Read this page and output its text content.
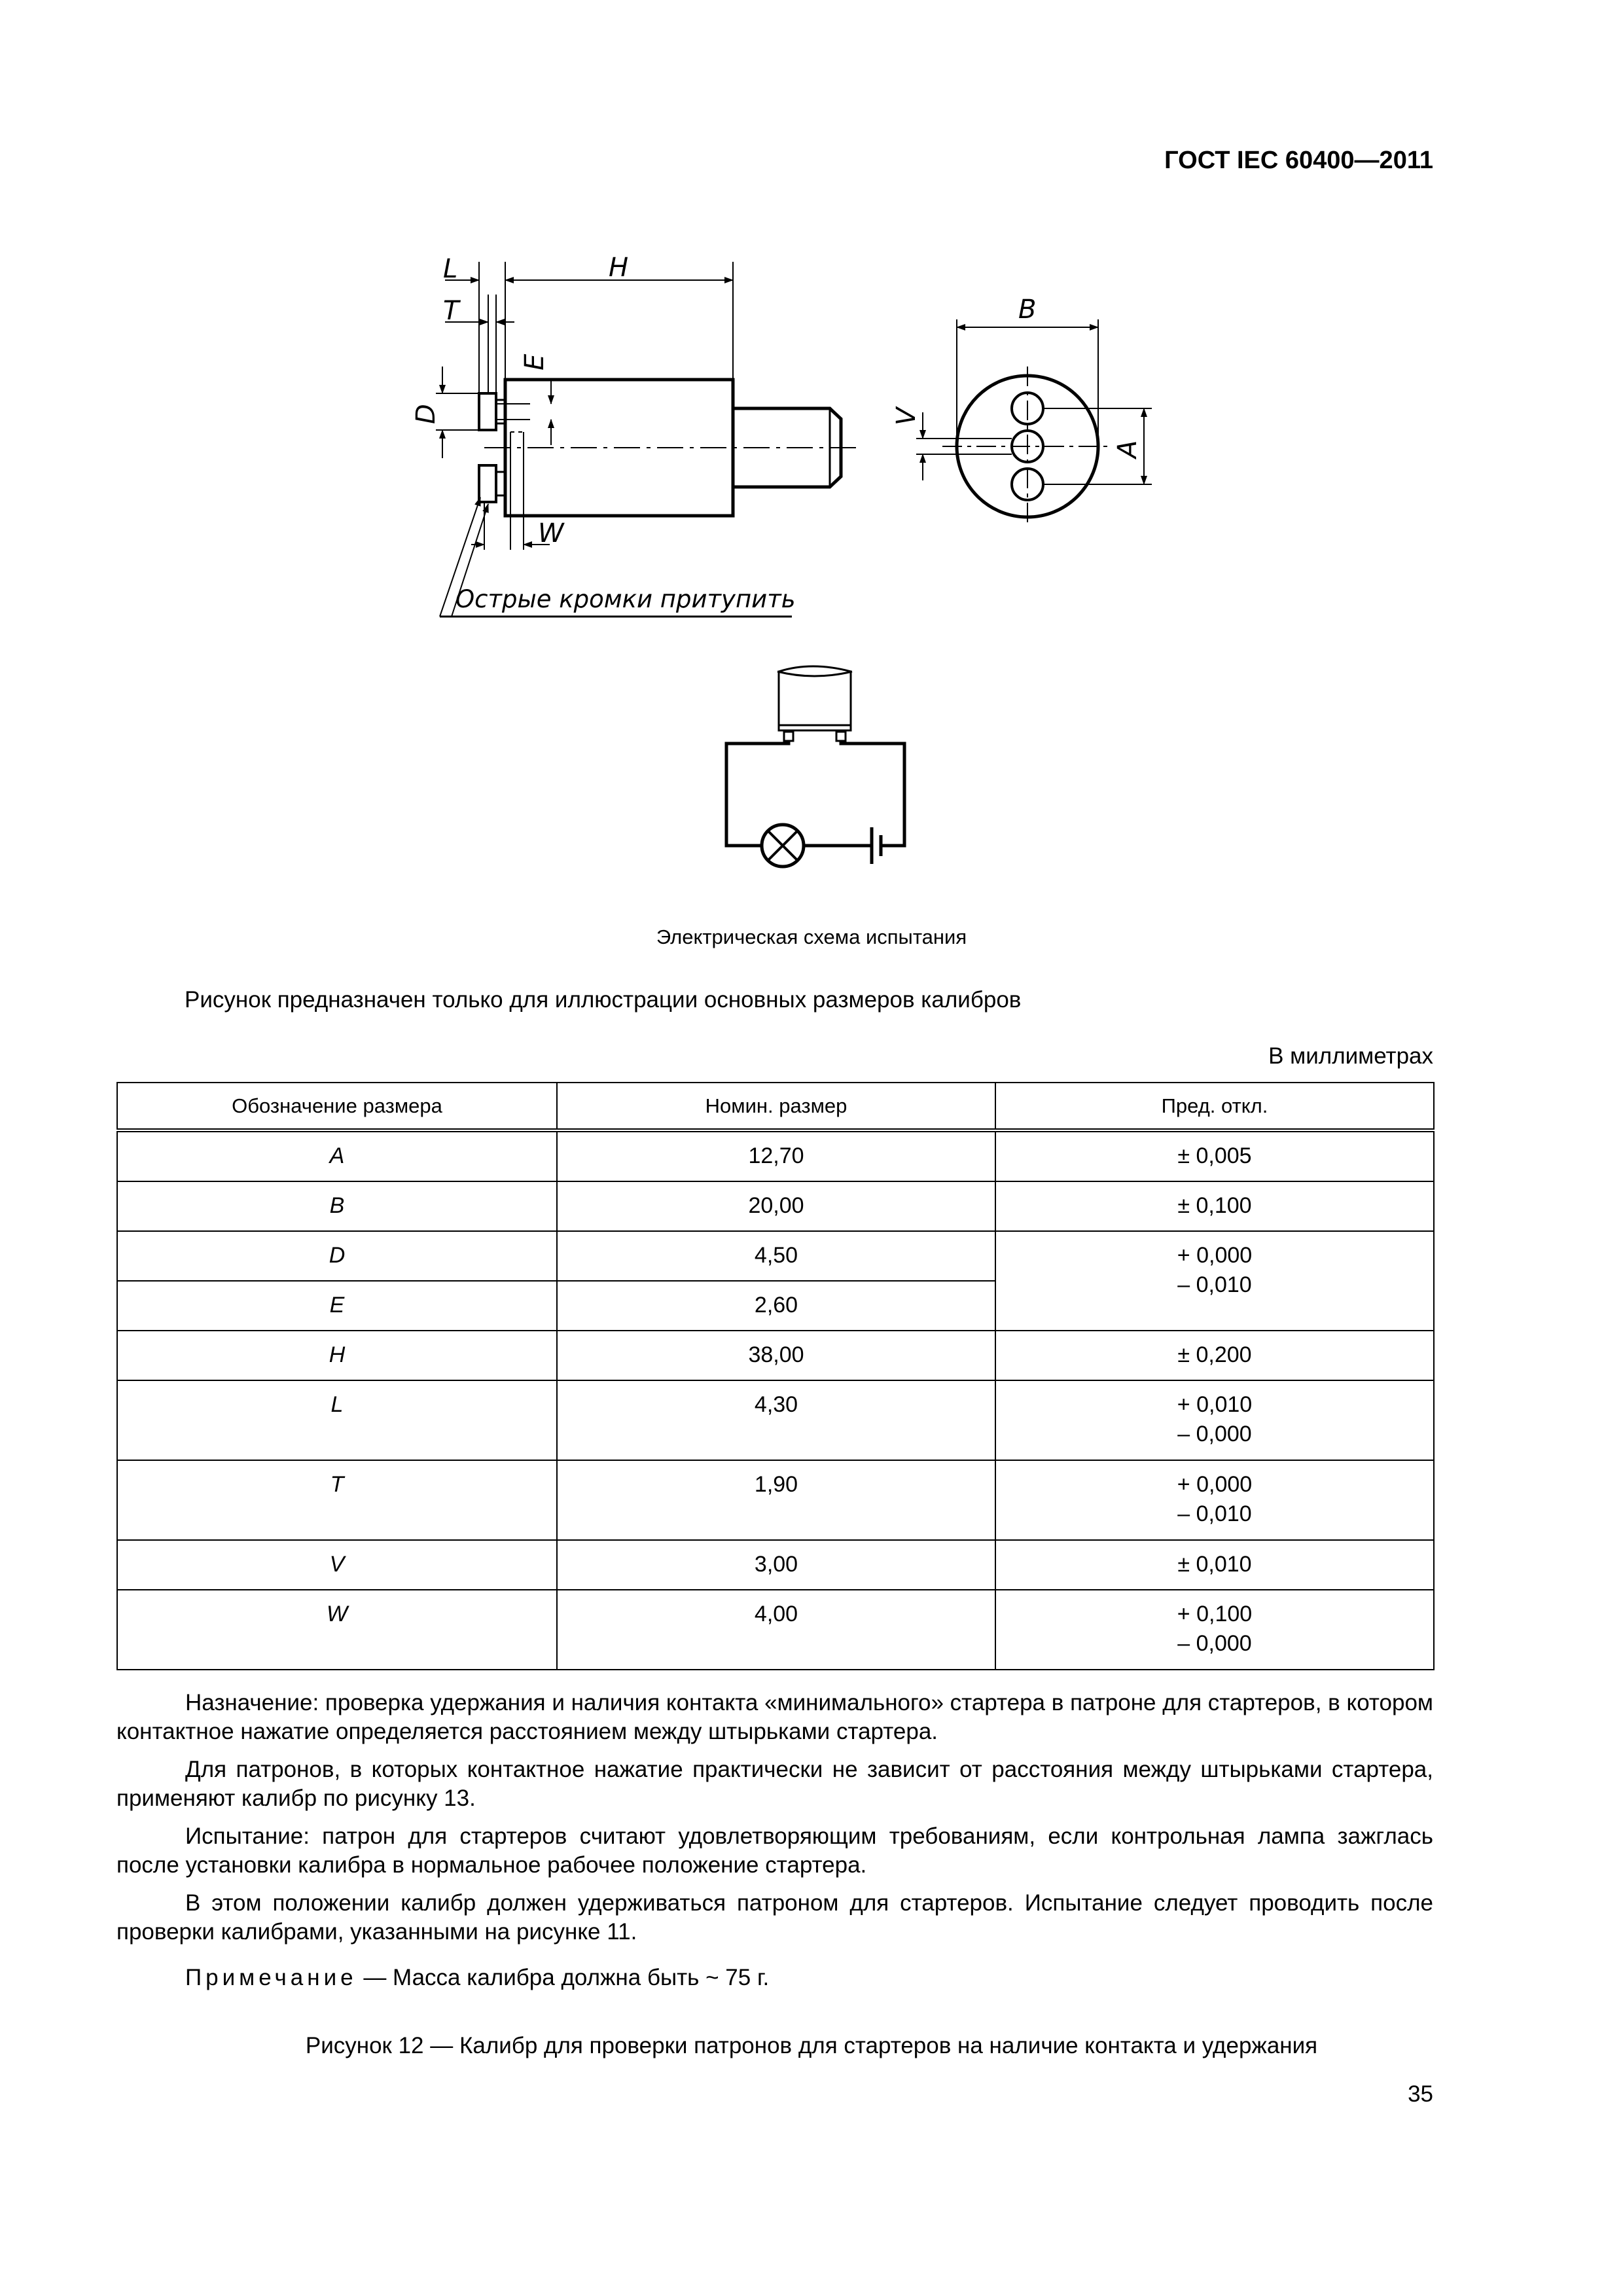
ГОСТ IEC 60400—2011
L
T
H
E
D
W
Острые кромки притупить
B
V
A
Электрическая схема испытания
Рисунок предназначен только для иллюстрации основных размеров калибров
В миллиметрах
Обозначение размера	Номин. размер	Пред. откл.
A	12,70	± 0,005
B	20,00	± 0,100
D	4,50	+ 0,000
– 0,010

E	2,60	
H	38,00	± 0,200
L	4,30	+ 0,010
– 0,000

T	1,90	+ 0,000
– 0,010

V	3,00	± 0,010
W	4,00	+ 0,100
– 0,000

Назначение: проверка удержания и наличия контакта «минимального» стартера в патроне для стартеров, в котором контактное нажатие определяется расстоянием между штырьками стартера.

Для патронов, в которых контактное нажатие практически не зависит от расстояния между штырьками стартера, применяют калибр по рисунку 13.

Испытание: патрон для стартеров считают удовлетворяющим требованиям, если контрольная лампа зажглась после установки калибра в нормальное рабочее положение стартера.

В этом положении калибр должен удерживаться патроном для стартеров. Испытание следует проводить после проверки калибрами, указанными на рисунке 11.

Примечание — Масса калибра должна быть ~ 75 г.

Рисунок 12 — Калибр для проверки патронов для стартеров на наличие контакта и удержания
35
